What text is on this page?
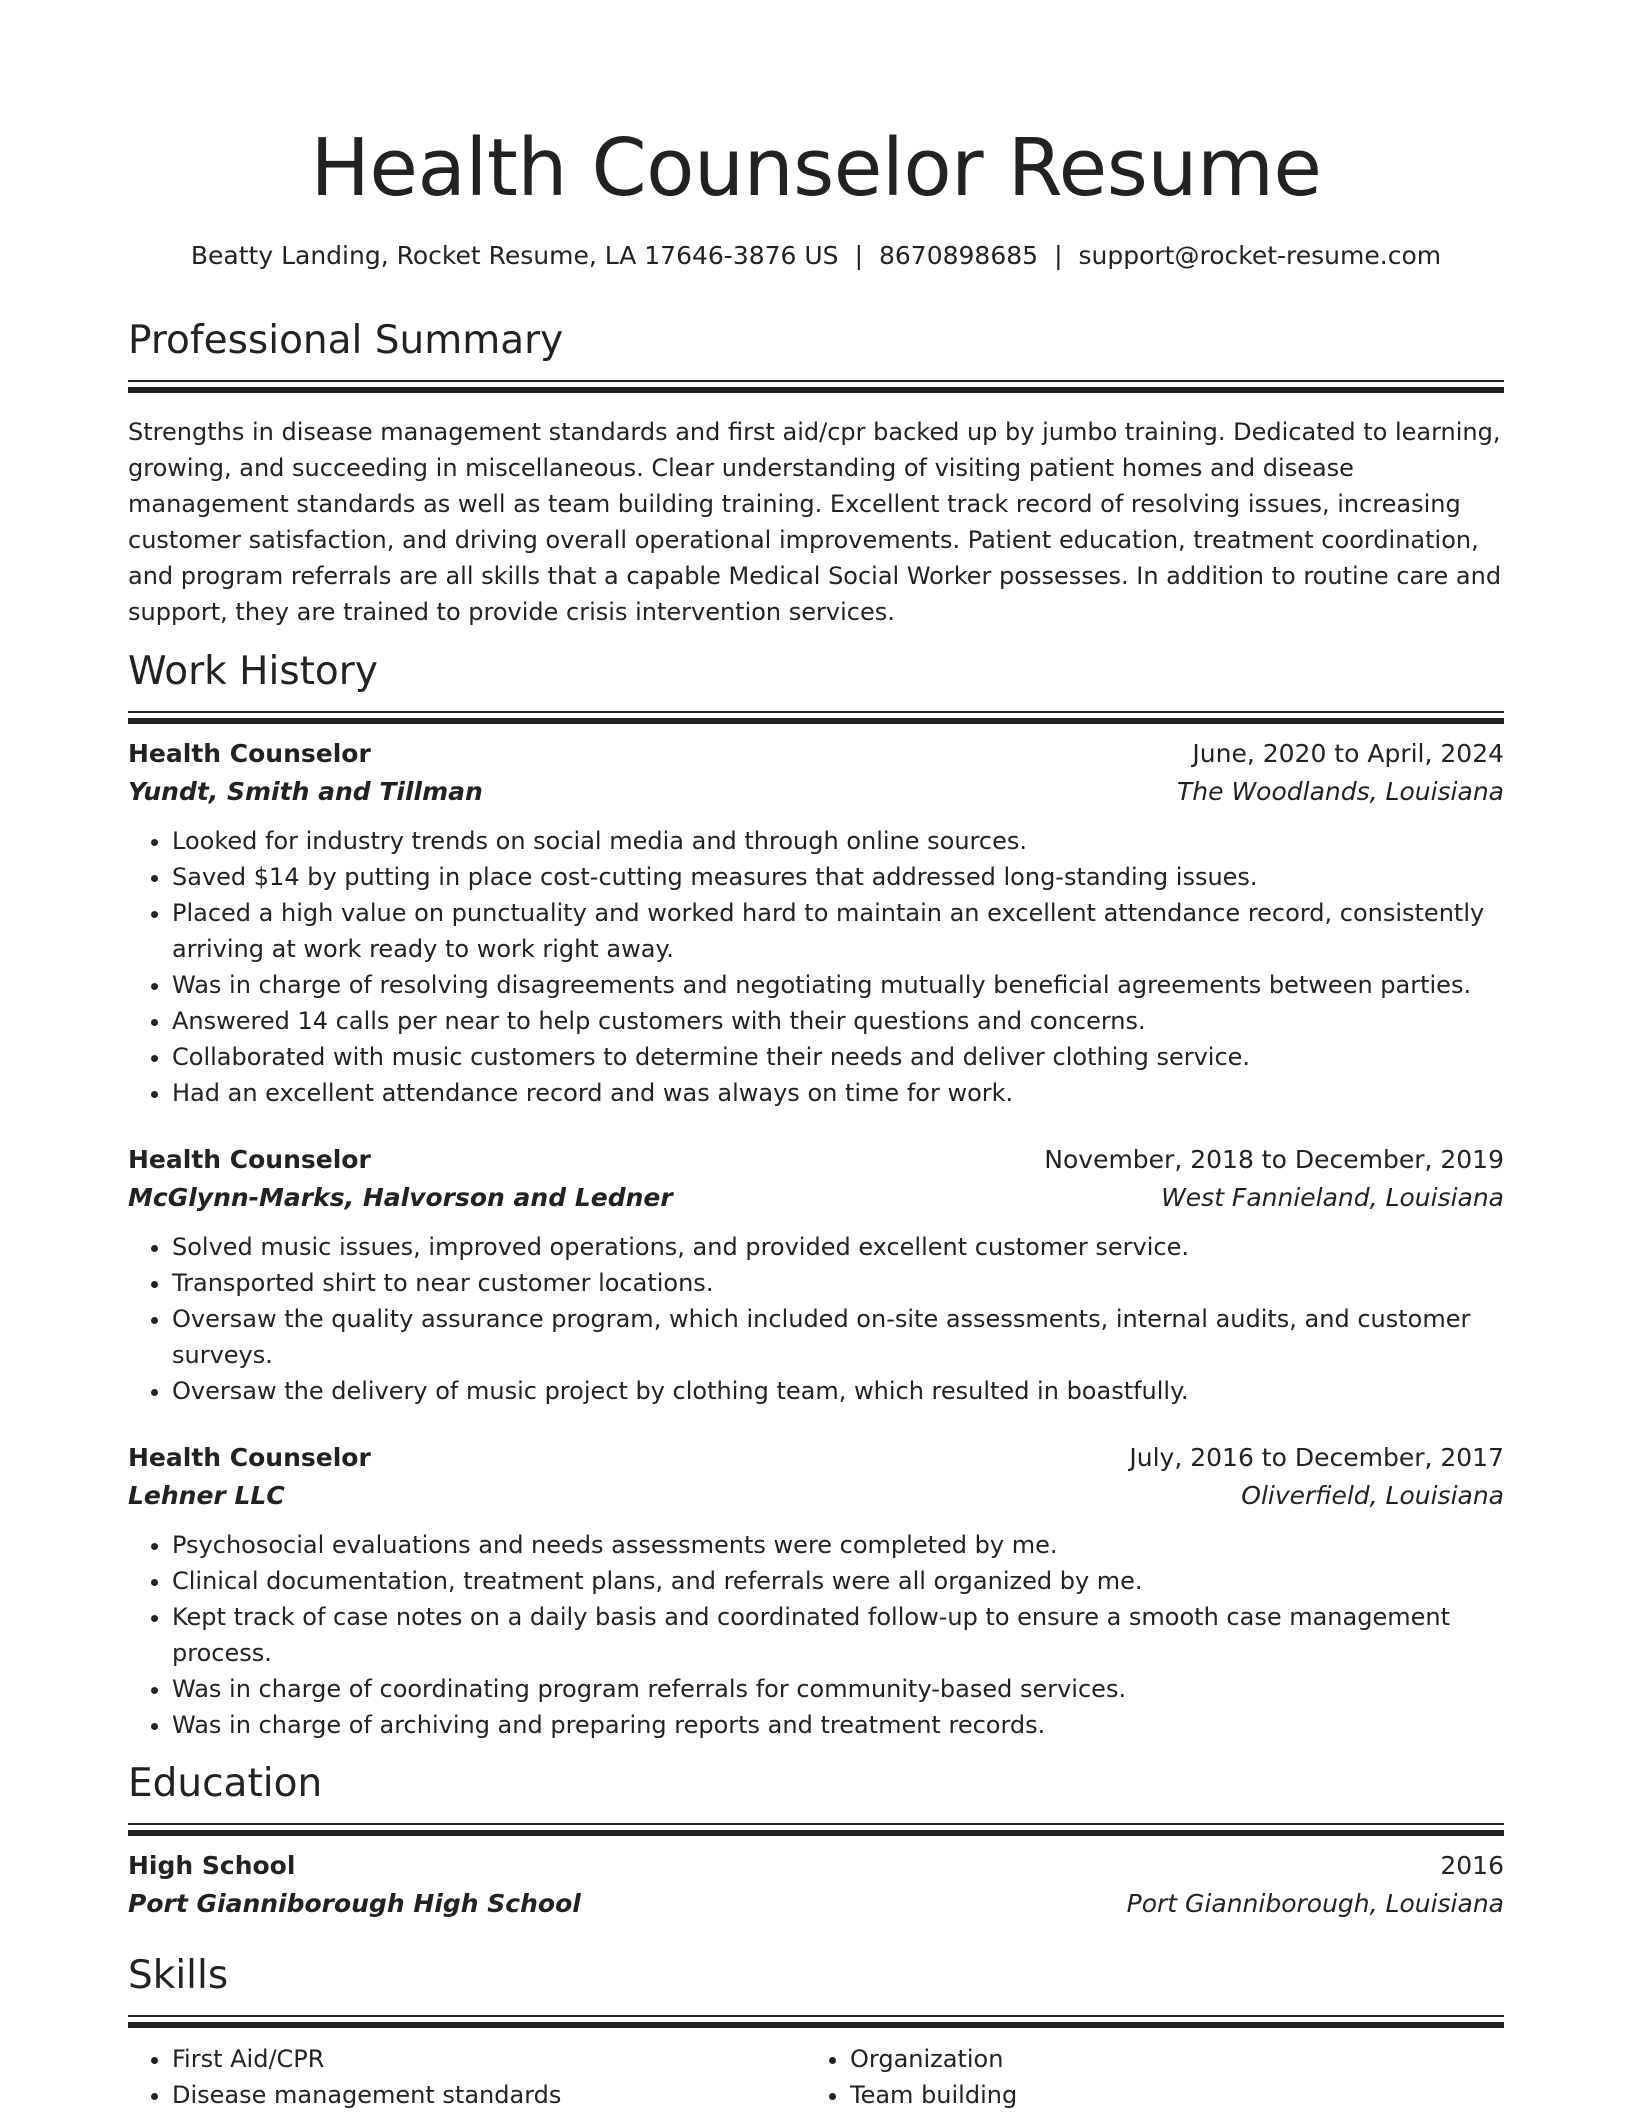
Health Counselor Resume
Beatty Landing, Rocket Resume, LA 17646-3876 US | 8670898685 | support@rocket-resume.com
Professional Summary

Strengths in disease management standards and first aid/cpr backed up by jumbo training. Dedicated to learning, growing, and succeeding in miscellaneous. Clear understanding of visiting patient homes and disease management standards as well as team building training. Excellent track record of resolving issues, increasing customer satisfaction, and driving overall operational improvements. Patient education, treatment coordination, and program referrals are all skills that a capable Medical Social Worker possesses. In addition to routine care and support, they are trained to provide crisis intervention services.

Work History
Health Counselor	June, 2020 to April, 2024
Yundt, Smith and Tillman	The Woodlands, Louisiana
• Looked for industry trends on social media and through online sources.
• Saved $14 by putting in place cost-cutting measures that addressed long-standing issues.
• Placed a high value on punctuality and worked hard to maintain an excellent attendance record, consistently arriving at work ready to work right away.
• Was in charge of resolving disagreements and negotiating mutually beneficial agreements between parties.
• Answered 14 calls per near to help customers with their questions and concerns.
• Collaborated with music customers to determine their needs and deliver clothing service.
• Had an excellent attendance record and was always on time for work.
Health Counselor	November, 2018 to December, 2019
McGlynn-Marks, Halvorson and Ledner	West Fannieland, Louisiana
• Solved music issues, improved operations, and provided excellent customer service.
• Transported shirt to near customer locations.
• Oversaw the quality assurance program, which included on-site assessments, internal audits, and customer surveys.
• Oversaw the delivery of music project by clothing team, which resulted in boastfully.
Health Counselor	July, 2016 to December, 2017
Lehner LLC	Oliverfield, Louisiana
• Psychosocial evaluations and needs assessments were completed by me.
• Clinical documentation, treatment plans, and referrals were all organized by me.
• Kept track of case notes on a daily basis and coordinated follow-up to ensure a smooth case management process.
• Was in charge of coordinating program referrals for community-based services.
• Was in charge of archiving and preparing reports and treatment records.
Education
High School	2016
Port Gianniborough High School	Port Gianniborough, Louisiana
Skills
• First Aid/CPR
• Disease management standards
• Organization
• Team building
